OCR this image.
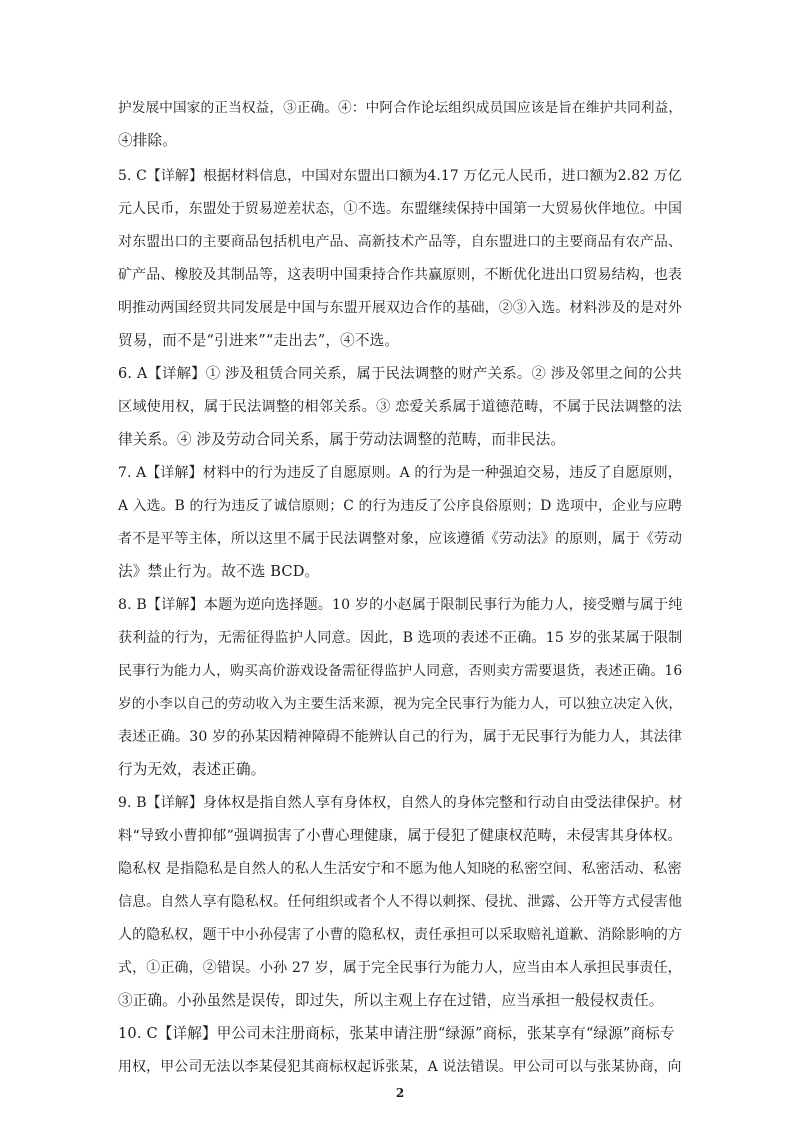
护发展中国家的正当权益，③正确。④：中阿合作论坛组织成员国应该是旨在维护共同利益，
④排除。
5. C【详解】根据材料信息，中国对东盟出口额为4.17 万亿元人民币，进口额为2.82 万亿
元人民币，东盟处于贸易逆差状态，①不选。东盟继续保持中国第一大贸易伙伴地位。中国
对东盟出口的主要商品包括机电产品、高新技术产品等，自东盟进口的主要商品有农产品、
矿产品、橡胶及其制品等，这表明中国秉持合作共赢原则，不断优化进出口贸易结构，也表
明推动两国经贸共同发展是中国与东盟开展双边合作的基础，②③入选。材料涉及的是对外
贸易，而不是“引进来”“走出去”，④不选。
6. A【详解】① 涉及租赁合同关系，属于民法调整的财产关系。② 涉及邻里之间的公共
区域使用权，属于民法调整的相邻关系。③ 恋爱关系属于道德范畴，不属于民法调整的法
律关系。④ 涉及劳动合同关系，属于劳动法调整的范畴，而非民法。
7. A【详解】材料中的行为违反了自愿原则。A 的行为是一种强迫交易，违反了自愿原则，
A 入选。B 的行为违反了诚信原则；C 的行为违反了公序良俗原则；D 选项中，企业与应聘
者不是平等主体，所以这里不属于民法调整对象，应该遵循《劳动法》的原则，属于《劳动
法》禁止行为。故不选 BCD。
8. B【详解】本题为逆向选择题。10 岁的小赵属于限制民事行为能力人，接受赠与属于纯
获利益的行为，无需征得监护人同意。因此，B 选项的表述不正确。15 岁的张某属于限制
民事行为能力人，购买高价游戏设备需征得监护人同意，否则卖方需要退货，表述正确。16
岁的小李以自己的劳动收入为主要生活来源，视为完全民事行为能力人，可以独立决定入伙，
表述正确。30 岁的孙某因精神障碍不能辨认自己的行为，属于无民事行为能力人，其法律
行为无效，表述正确。
9. B【详解】身体权是指自然人享有身体权，自然人的身体完整和行动自由受法律保护。材
料“导致小曹抑郁”强调损害了小曹心理健康，属于侵犯了健康权范畴，未侵害其身体权。
隐私权 是指隐私是自然人的私人生活安宁和不愿为他人知晓的私密空间、私密活动、私密
信息。自然人享有隐私权。任何组织或者个人不得以刺探、侵扰、泄露、公开等方式侵害他
人的隐私权，题干中小孙侵害了小曹的隐私权，责任承担可以采取赔礼道歉、消除影响的方
式，①正确，②错误。小孙 27 岁，属于完全民事行为能力人，应当由本人承担民事责任，
③正确。小孙虽然是误传，即过失，所以主观上存在过错，应当承担一般侵权责任。
10. C【详解】甲公司未注册商标，张某申请注册“绿源”商标，张某享有“绿源”商标专
用权，甲公司无法以李某侵犯其商标权起诉张某，A 说法错误。甲公司可以与张某协商，向
2
